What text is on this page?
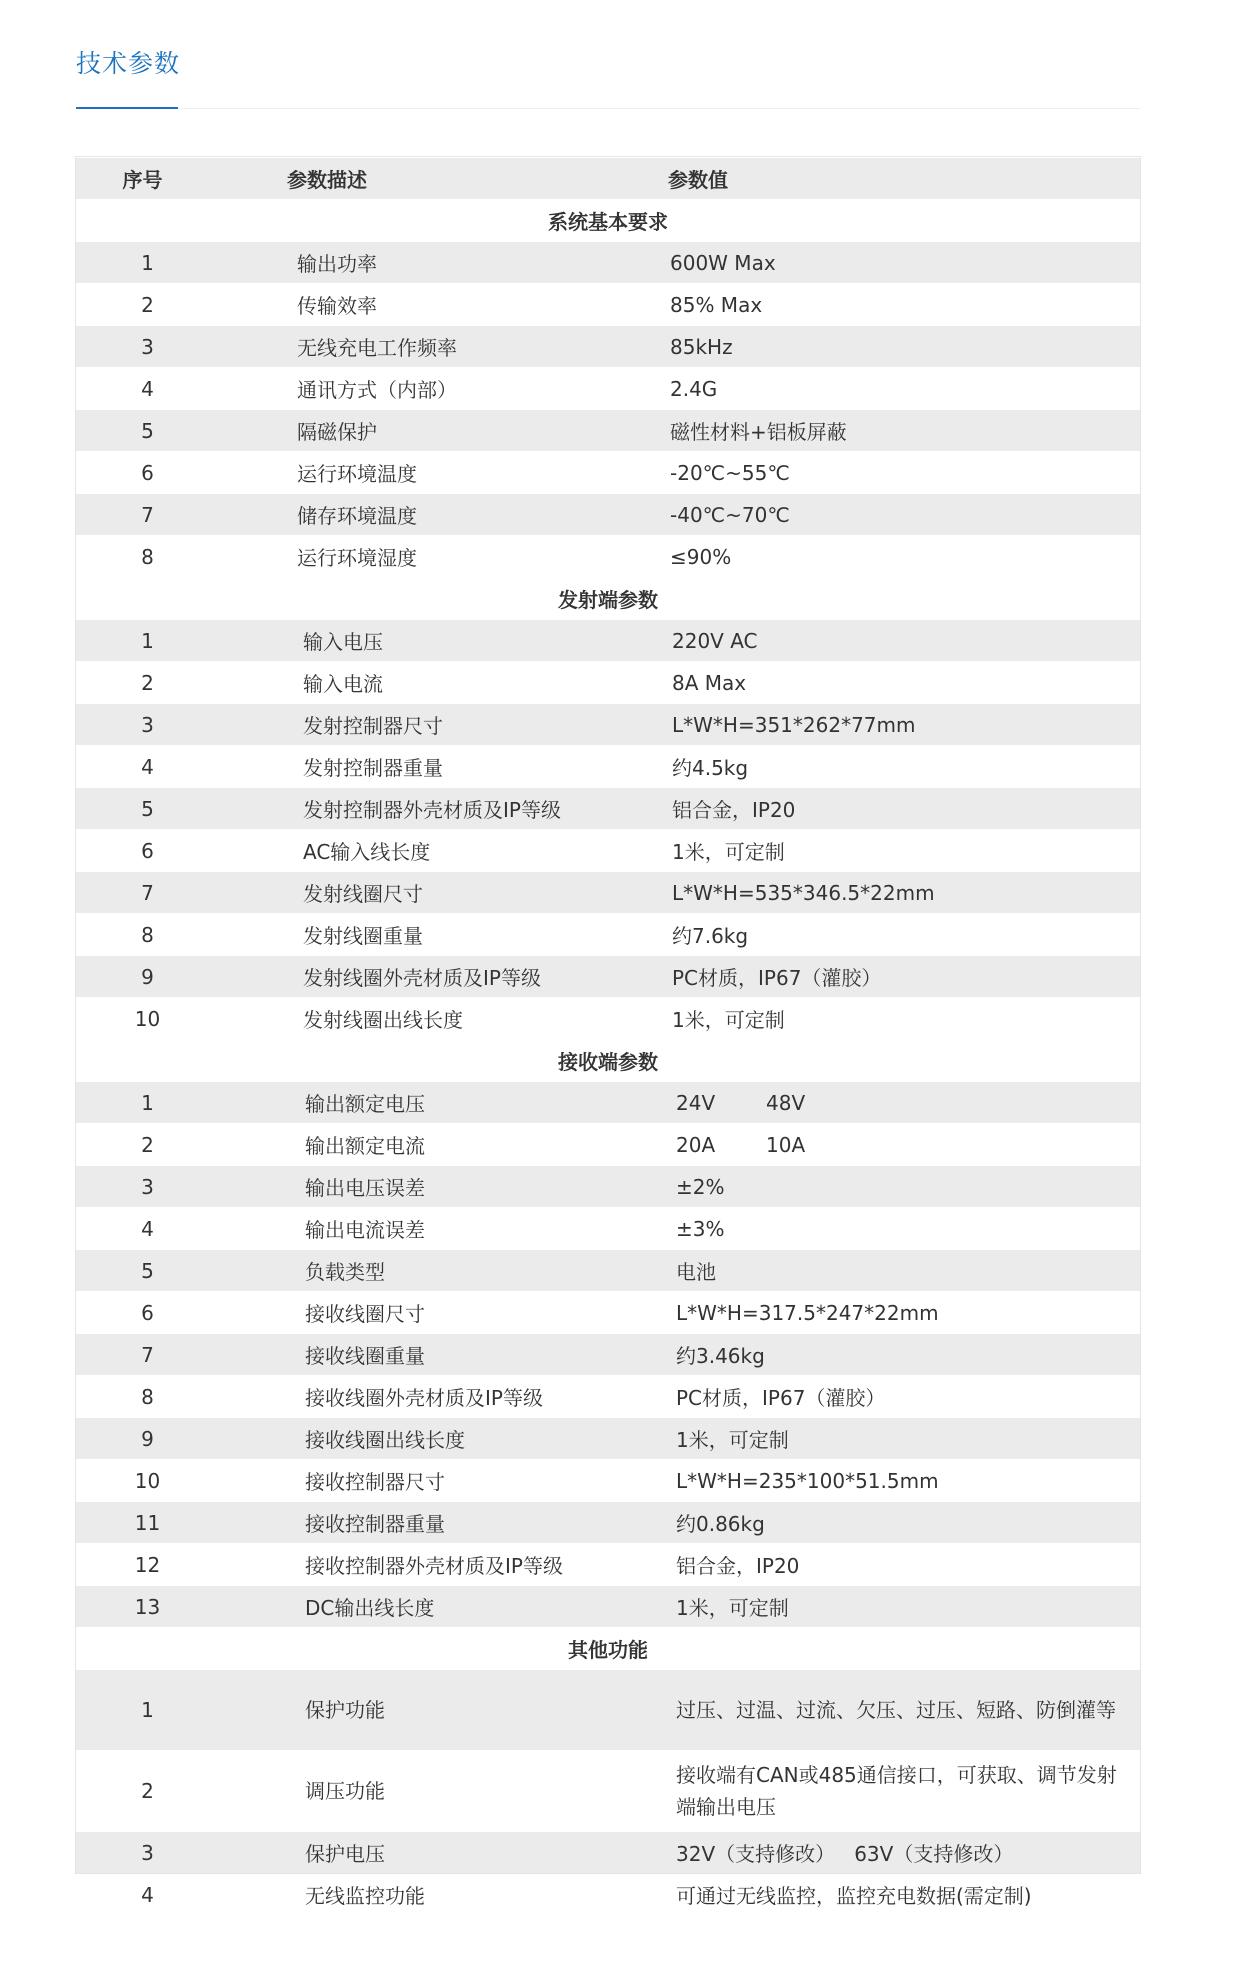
技术参数
序号	参数描述	参数值
系统基本要求		
1	输出功率	600W Max
2	传输效率	85% Max
3	无线充电工作频率	85kHz
4	通讯方式（内部）	2.4G
5	隔磁保护	磁性材料+铝板屏蔽
6	运行环境温度	-20℃~55℃
7	储存环境温度	-40℃~70℃
8	运行环境湿度	≤90%
发射端参数		
1	输入电压	220V AC
2	输入电流	8A Max
3	发射控制器尺寸	L*W*H=351*262*77mm
4	发射控制器重量	约4.5kg
5	发射控制器外壳材质及IP等级	铝合金，IP20
6	AC输入线长度	1米，可定制
7	发射线圈尺寸	L*W*H=535*346.5*22mm
8	发射线圈重量	约7.6kg
9	发射线圈外壳材质及IP等级	PC材质，IP67（灌胶）
10	发射线圈出线长度	1米，可定制
接收端参数		
1	输出额定电压	24V        48V
2	输出额定电流	20A        10A
3	输出电压误差	±2%
4	输出电流误差	±3%
5	负载类型	电池
6	接收线圈尺寸	L*W*H=317.5*247*22mm
7	接收线圈重量	约3.46kg
8	接收线圈外壳材质及IP等级	PC材质，IP67（灌胶）
9	接收线圈出线长度	1米，可定制
10	接收控制器尺寸	L*W*H=235*100*51.5mm
11	接收控制器重量	约0.86kg
12	接收控制器外壳材质及IP等级	铝合金，IP20
13	DC输出线长度	1米，可定制
其他功能		
1	保护功能	过压、过温、过流、欠压、过压、短路、防倒灌等
2	调压功能	接收端有CAN或485通信接口，可获取、调节发射端输出电压
3	保护电压	32V（支持修改）   63V（支持修改）
4	无线监控功能	可通过无线监控，监控充电数据(需定制)
